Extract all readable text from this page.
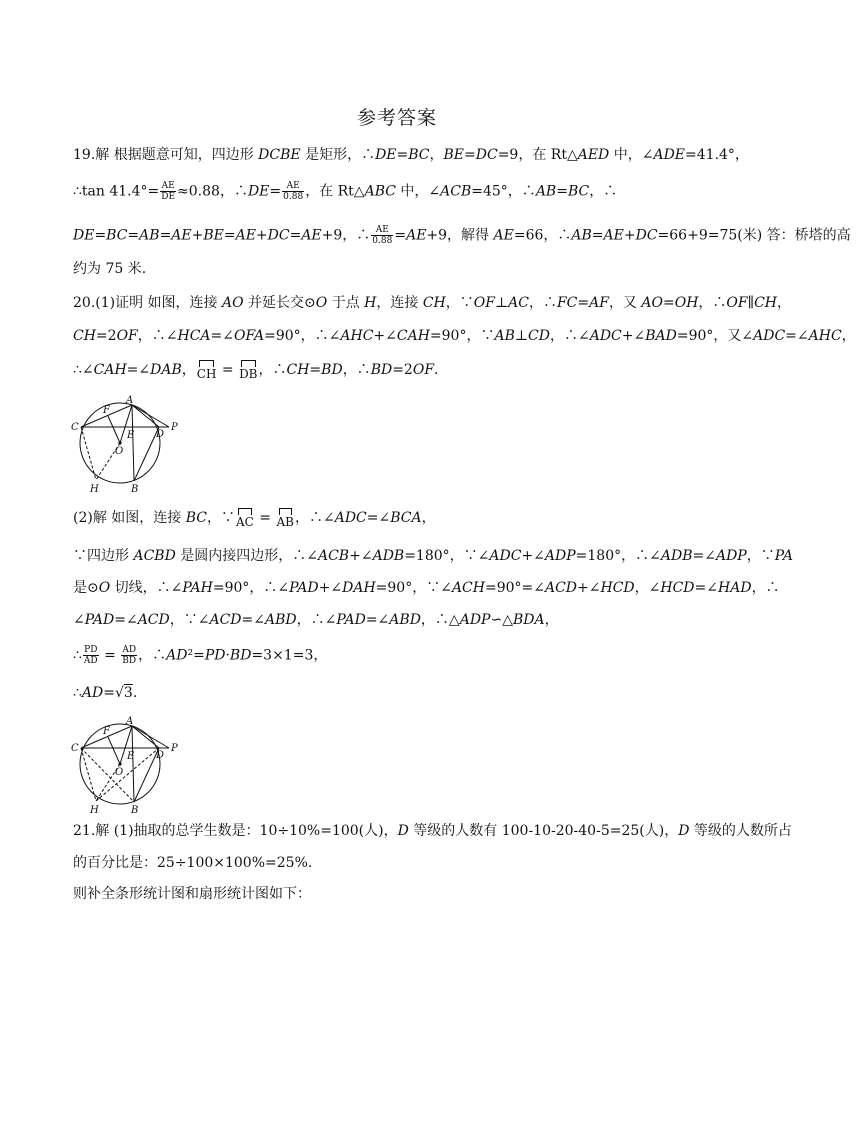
参考答案
19.解 根据题意可知，四边形 DCBE 是矩形，∴DE=BC，BE=DC=9，在 Rt△AED 中，∠ADE=41.4°，
∴tan $41.4^\circ= \frac{AE}{DE} \approx 0.88$，∴DE= $\frac{AE}{0.88}$ ，在 Rt△ABC 中，∠ACB=45°，∴AB=BC，∴
DE=BC=AB=AE+BE=AE+DC=AE+9，∴ $\frac{AE}{0.88} =AE+9$，解得 AE=66，∴AB=AE+DC=66+9=75(米) 答：桥塔的高
约为 75 米.
20.(1)证明 如图，连接 AO 并延长交⊙O 于点 H，连接 CH，∵OF⊥AC，∴FC=AF，又 AO=OH，∴OF∥CH，
CH=2OF，∴∠HCA=∠OFA=90°，∴∠AHC+∠CAH=90°，∵AB⊥CD，∴∠ADC+∠BAD=90°，又∠ADC=∠AHC，
∴∠CAH=∠DAB，
CH =
DB，∴CH=BD，∴BD=2OF.
A
C
F
E D
P
O
H	B
(2)解 如图，连接 BC，∵
AC =
AB，∴∠ADC=∠BCA，
∵四边形 ACBD 是圆内接四边形，∴∠ACB+∠ADB=180°，∵∠ADC+∠ADP=180°，∴∠ADB=∠ADP，∵PA
是⊙O 切线，∴∠PAH=90°，∴∠PAD+∠DAH=90°，∵∠ACH=90°=∠ACD+∠HCD，∠HCD=∠HAD，∴
∠PAD=∠ACD，∵∠ACD=∠ABD，∴∠PAD=∠ABD，∴△ADP∽△BDA，
∴ $\frac{PD}{AD} = \frac{AD}{BD}$ ，∴AD²=PD·BD=3×1=3，
∴AD=√3.
A
C
F
E D
P
O
H	B
21.解 (1)抽取的总学生数是：10÷10%=100(人)，D 等级的人数有 100-10-20-40-5=25(人)，D 等级的人数所占
的百分比是：25÷100×100%=25%.
则补全条形统计图和扇形统计图如下：
